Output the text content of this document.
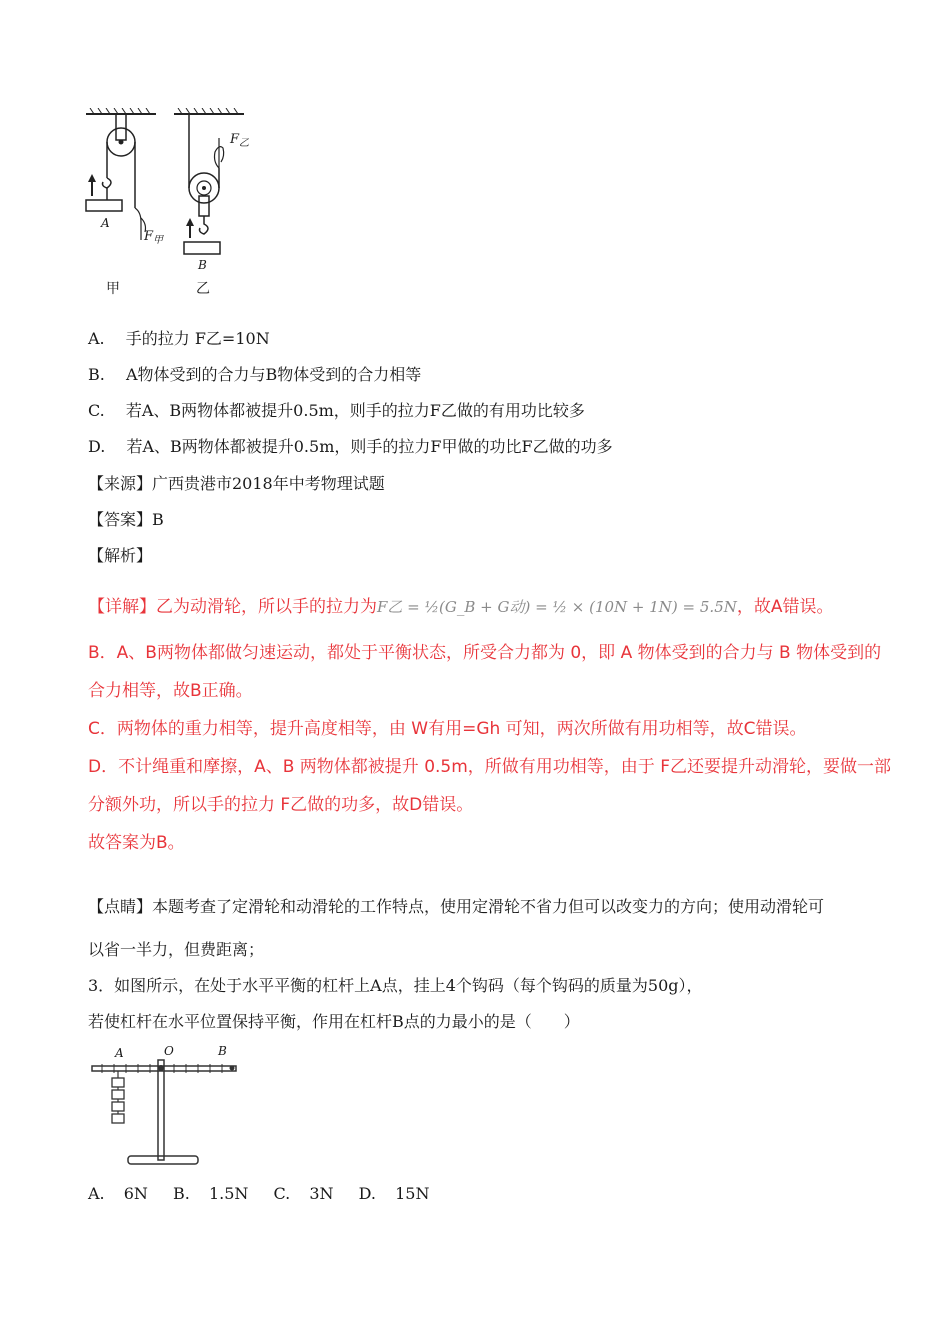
A
$F_甲$
B
$F_乙$
甲	乙
A. 手的拉力 F乙=10N
B. A物体受到的合力与B物体受到的合力相等
C. 若A、B两物体都被提升0.5m，则手的拉力F乙做的有用功比较多
D. 若A、B两物体都被提升0.5m，则手的拉力F甲做的功比F乙做的功多
【来源】广西贵港市2018年中考物理试题
【答案】B
【解析】
【详解】乙为动滑轮，所以手的拉力为F乙 = ½(G_B + G动) = ½ × (10N + 1N) = 5.5N，故A错误。
B．A、B两物体都做匀速运动，都处于平衡状态，所受合力都为 0，即 A 物体受到的合力与 B 物体受到的
合力相等，故B正确。
C．两物体的重力相等，提升高度相等，由 W有用=Gh 可知，两次所做有用功相等，故C错误。
D．不计绳重和摩擦，A、B 两物体都被提升 0.5m，所做有用功相等，由于 F乙还要提升动滑轮，要做一部
分额外功，所以手的拉力 F乙做的功多，故D错误。
故答案为B。
【点睛】本题考查了定滑轮和动滑轮的工作特点，使用定滑轮不省力但可以改变力的方向；使用动滑轮可
以省一半力，但费距离；
3．如图所示，在处于水平平衡的杠杆上A点，挂上4个钩码（每个钩码的质量为50g），
若使杠杆在水平位置保持平衡，作用在杠杆B点的力最小的是（　　）
A	O	B
A. 6N B. 1.5N C. 3N D. 15N
